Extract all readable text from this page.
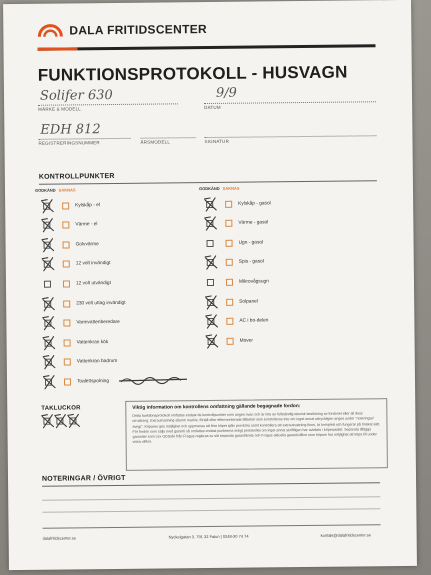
DALA FRITIDSCENTER
FUNKTIONSPROTOKOLL - HUSVAGN
Solifer 630
MÄRKE & MODELL
9/9
DATUM
EDH 812
REGISTRERINGSNUMMER	ÅRSMODELL	SIGNATUR
KONTROLLPUNKTER
GODKÄND SAKNAS	GODKÄND SAKNAS
Kylskåp - el
Värme - el
Golvvärme
12 volt invändigt
12 volt utvändigt
230 volt uttag invändigt
Varmvattenberedare
Vattenkran kök
Vattenkran badrum
Toalettspolning
Kylskåp - gasol
Värme - gasol
Ugn - gasol
Spis - gasol
Mikrovågsugn
Solpanel
AC i bo-delen
Mover
TAKLUCKOR	Viktig information om kontrollens omfattning gällande begagnade fordon:
Detta funktionsprotokoll omfattas endast de kontrollpunkter som anges ovan och är inte en fullständig teknisk besiktning av fordonet eller all dess utrustning. Extrautrustning såsom markis, förtält eller eftermonterade tillbehör som kontrolleras inte om inget annat uttryckligen anges under "noteringar/övrigt". Köparen ges möjlighet och uppmanas att före köpet själv provköra samt kontrollera att extrautrustning finns, är komplett och fungerar på önskat sätt. För fordon som säljs med garanti så omfattas endast punkterna enligt protokollet om inget annat skriftligen har avtalats i köpeavtalet. Separata tilläggs garantier som t.ex GDSafe från Fragus regleras av sitt separata garantikrets och Fragus aktuella garantivillkor som köparn har möjlighet att köpa till under vissa villkor.
NOTERINGAR / ÖVRIGT
dalafritidscenter.se	Nyckelgatan 3, 791 32 Falun | 0248-30 74 74	kontakt@dalafritidscenter.se
